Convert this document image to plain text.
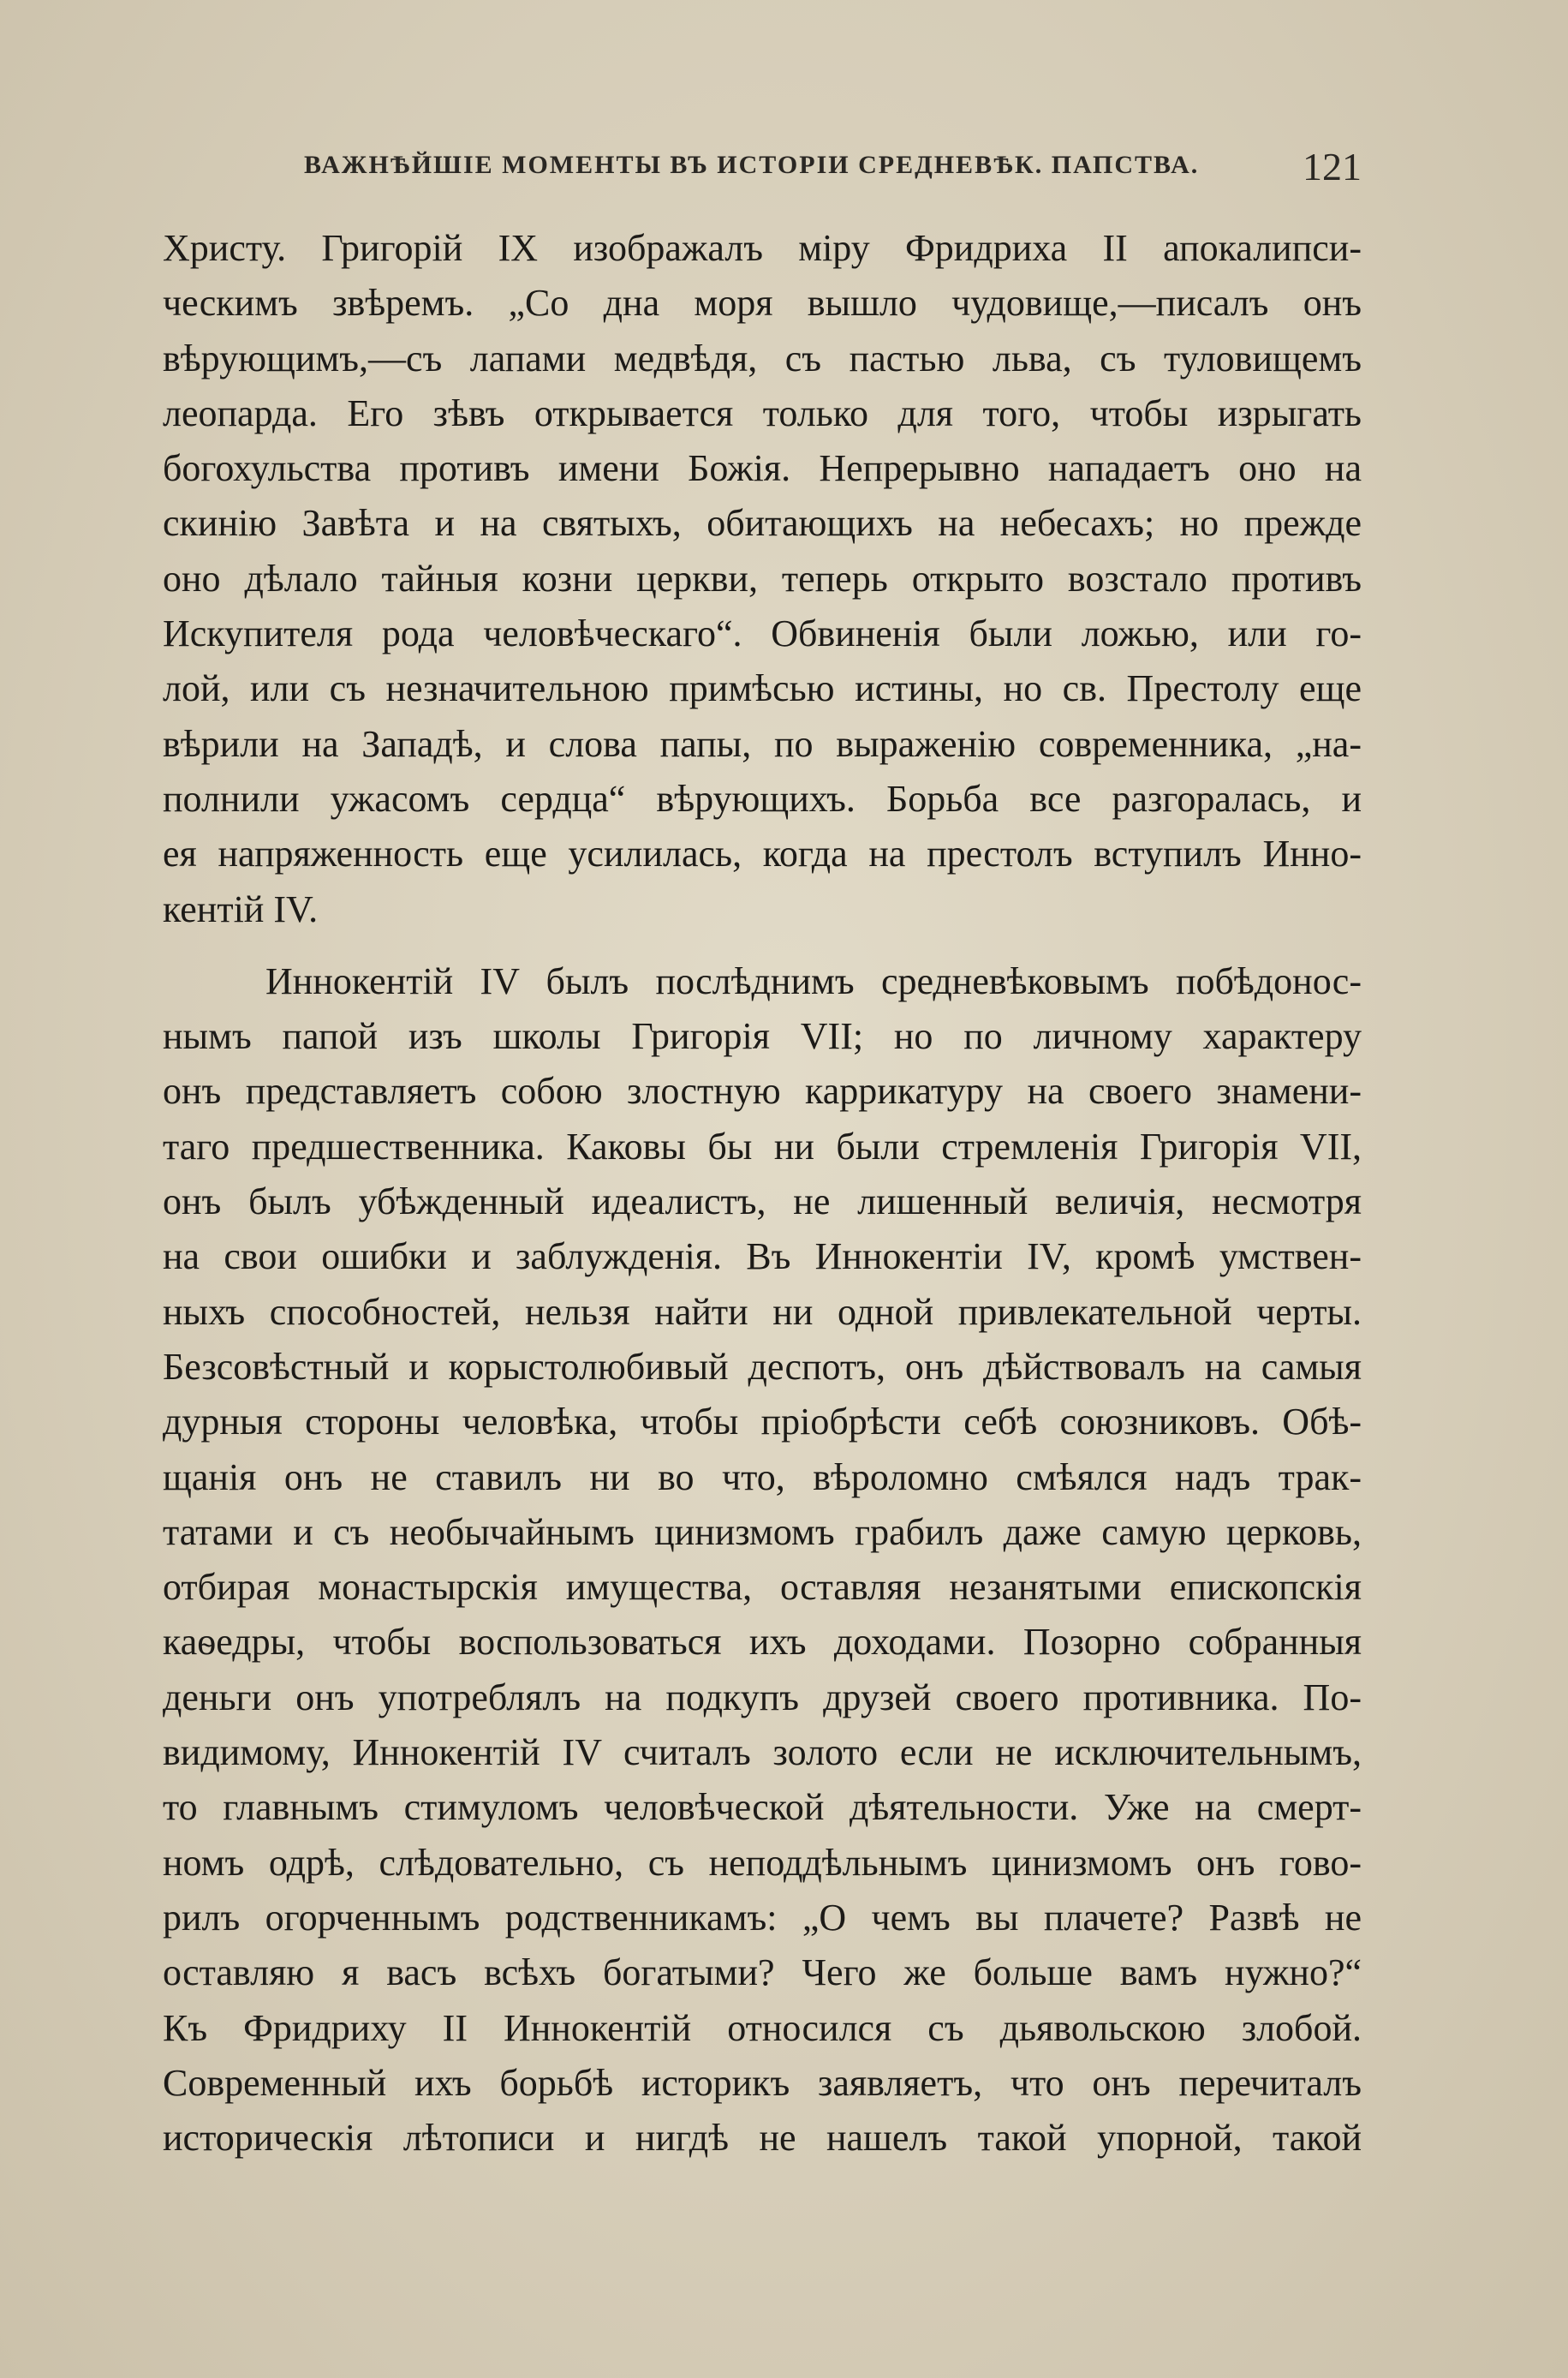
ВАЖНѢЙШІЕ МОМЕНТЫ ВЪ ИСТОРІИ СРЕДНЕВѢК. ПАПСТВА.	121
Христу. Григорій IX изображалъ міру Фридриха II апокалипси-
ческимъ звѣремъ. „Со дна моря вышло чудовище,—писалъ онъ
вѣрующимъ,—съ лапами медвѣдя, съ пастью льва, съ туловищемъ
леопарда. Его зѣвъ открывается только для того, чтобы изрыгать
богохульства противъ имени Божія. Непрерывно нападаетъ оно на
скинію Завѣта и на святыхъ, обитающихъ на небесахъ; но прежде
оно дѣлало тайныя козни церкви, теперь открыто возстало противъ
Искупителя рода человѣческаго“. Обвиненія были ложью, или го-
лой, или съ незначительною примѣсью истины, но св. Престолу еще
вѣрили на Западѣ, и слова папы, по выраженію современника, „на-
полнили ужасомъ сердца“ вѣрующихъ. Борьба все разгоралась, и
ея напряженность еще усилилась, когда на престолъ вступилъ Инно-
кентій IV.
Иннокентій IV былъ послѣднимъ средневѣковымъ побѣдонос-
нымъ папой изъ школы Григорія VII; но по личному характеру
онъ представляетъ собою злостную каррикатуру на своего знамени-
таго предшественника. Каковы бы ни были стремленія Григорія VII,
онъ былъ убѣжденный идеалистъ, не лишенный величія, несмотря
на свои ошибки и заблужденія. Въ Иннокентіи IV, кромѣ умствен-
ныхъ способностей, нельзя найти ни одной привлекательной черты.
Безсовѣстный и корыстолюбивый деспотъ, онъ дѣйствовалъ на самыя
дурныя стороны человѣка, чтобы пріобрѣсти себѣ союзниковъ. Обѣ-
щанія онъ не ставилъ ни во что, вѣроломно смѣялся надъ трак-
татами и съ необычайнымъ цинизмомъ грабилъ даже самую церковь,
отбирая монастырскія имущества, оставляя незанятыми епископскія
каѳедры, чтобы воспользоваться ихъ доходами. Позорно собранныя
деньги онъ употреблялъ на подкупъ друзей своего противника. По-
видимому, Иннокентій IV считалъ золото если не исключительнымъ,
то главнымъ стимуломъ человѣческой дѣятельности. Уже на смерт-
номъ одрѣ, слѣдовательно, съ неподдѣльнымъ цинизмомъ онъ гово-
рилъ огорченнымъ родственникамъ: „О чемъ вы плачете? Развѣ не
оставляю я васъ всѣхъ богатыми? Чего же больше вамъ нужно?“
Къ Фридриху II Иннокентій относился съ дьявольскою злобой.
Современный ихъ борьбѣ историкъ заявляетъ, что онъ перечиталъ
историческія лѣтописи и нигдѣ не нашелъ такой упорной, такой
